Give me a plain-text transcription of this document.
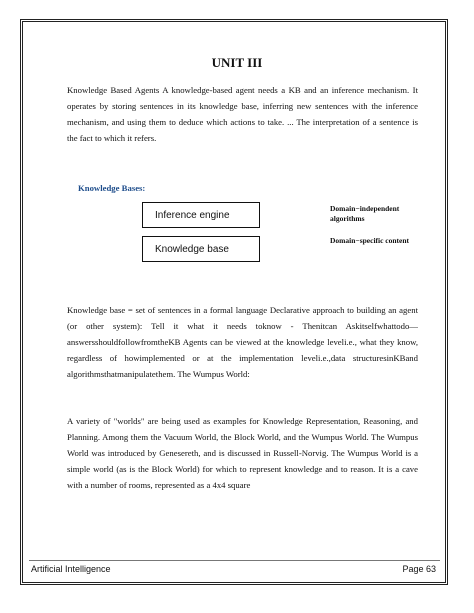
UNIT III

Knowledge Based Agents A knowledge-based agent needs a KB and an inference mechanism. It operates by storing sentences in its knowledge base, inferring new sentences with the inference mechanism, and using them to deduce which actions to take. ... The interpretation of a sentence is the fact to which it refers.

Knowledge Bases:

Inference engine
Knowledge base

Domain−independent algorithms

Domain−specific content

Knowledge base = set of sentences in a formal language Declarative approach to building an agent (or other system): Tell it what it needs toknow - Thenitcan Askitselfwhattodo—answersshouldfollowfromtheKB Agents can be viewed at the knowledge leveli.e., what they know, regardless of howimplemented or at the implementation leveli.e.,data structuresinKBand algorithmsthatmanipulatethem. The Wumpus World:

A variety of "worlds" are being used as examples for Knowledge Representation, Reasoning, and Planning. Among them the Vacuum World, the Block World, and the Wumpus World. The Wumpus World was introduced by Genesereth, and is discussed in Russell-Norvig. The Wumpus World is a simple world (as is the Block World) for which to represent knowledge and to reason. It is a cave with a number of rooms, represented as a 4x4 square

Artificial Intelligence	Page 63
